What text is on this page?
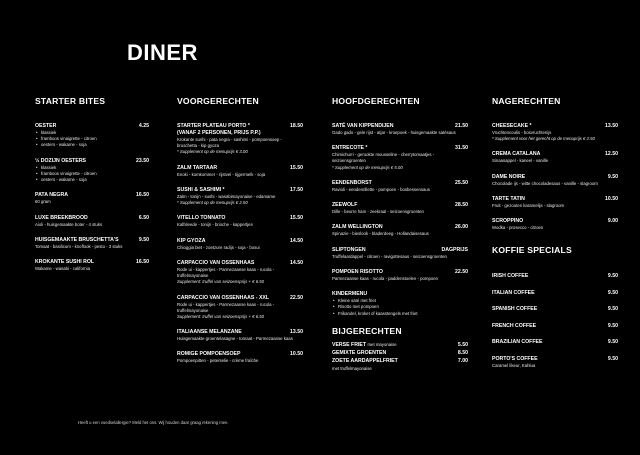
DINER
STARTER BITES
OESTER	4.25
• klassiek
• framboos vinaigrette - citroen
• oesters - wakame - soja
½ DOZIJN OESTERS	23.50
• klassiek
• framboos vinaigrette - citroen
• oesters - wakame - soja
PATA NEGRA	16.50
60 gram
LUXE BREEKBROOD	6.50
Aioli - huisgemaakte boter - 4 stuks
HUISGEMAAKTE BRUSCHETTA'S	9.50
Tomaat - basilicum - knoflook - pesto - 3 stuks
KROKANTE SUSHI ROL	16.50
Wakame - wasabi - california
VOORGERECHTEN
STARTER PLATEAU PORTO *	18.50
(VANAF 2 PERSONEN, PRIJS P.P.)
Krokante sushi - pata negra - sashimi - pompoensoep - bruschetta - kip gyoza
* Supplement op de menuprijs € 3.00
ZALM TARTAAR	15.50
Enoki - komkommer - rijstvel - tijgermelk - soja
SUSHI & SASHIMI *	17.50
Zalm - tonijn - sushi - wasabimayonaise - edamame
* Supplement op de menuprijs € 2.50
VITELLO TONNATO	15.50
Kalfsleede - tonijn - brioche - kappertjes
KIP GYOZA	14.50
Chioggia biet - zoetzure radijs - soja - bosui
CARPACCIO VAN OSSENHAAS	14.50
Rode ui - kappertjes - Parmezaanse kaas - rucola - truffelmayonaise
Supplement: truffel van seizoensprijs + € 6.50
CARPACCIO VAN OSSENHAAS - XXL	22.50
Rode ui - kappertjes - Parmezaanse kaas - rucola - truffelmayonaise
Supplement: truffel van seizoensprijs + € 6.50
ITALIAANSE MELANZANE	13.50
Huisgemaakte groentelasagne - tomaat - Parmezaanse kaas
ROMIGE POMPOENSOEP	10.50
Pompoenpitten - peterselie - crème fraîche
HOOFDGERECHTEN
SATÉ VAN KIPPENDIJEN	21.50
Gado gado - gele rijst - atjar - kroepoek - huisgemaakte satésaus
ENTRECOTE *	31.50
Chimichurri - gerookte mousseline - cherrytomaatjes - seizoensgroenten
* Supplement op de menuprijs € 5.00
EENDENBORST	25.50
Ravioli - eendenrillette - pompoen - bosbessensaus
ZEEWOLF	28.50
Dille - beurre ham - zeekraal - seizoensgroenten
ZALM WELLINGTON	26.00
Spinazie - bieslook - bladerdeeg - Hollandaisesaus
SLIPTONGEN	DAGPRIJS
Truffelaardappel - citroen - ravigottesaus - seizoensgroenten
POMPOEN RISOTTO	22.50
Parmezaanse kaas - rucola - paddenstoelen - pompoen
KINDERMENU
• Kleine saté met friet
• Risotto met pompoen
• Frikandel, kroket of kaasstengels met friet
BIJGERECHTEN
VERSE FRIET met mayonaise	5.50
GEMIXTE GROENTEN	8.50
ZOETE AARDAPPELFRIET	7.00
met truffelmayonaise
NAGERECHTEN
CHEESECAKE *	13.50
Vruchtencoulis - bosvruchtenijs
* Supplement voor het gerecht op de menuprijs € 2.50
CREMA CATALANA	12.50
Sinaasappel - kaneel - vanille
DAME NOIRE	9.50
Chocolade ijs - witte chocoladesaus - vanille - slagroom
TARTE TATIN	10.50
Fruit - gezouten karamelijs - slagroom
SCROPPINO	9.00
Wodka - prosecco - citroen
KOFFIE SPECIALS
IRISH COFFEE	9.50
ITALIAN COFFEE	9.50
SPANISH COFFEE	9.50
FRENCH COFFEE	9.50
BRAZILIAN COFFEE	9.50
PORTO'S COFFEE	9.50
Caramel likeur, Kahlua
Heeft u een voedselallergie? Meld het ons. Wij houden daar graag rekening mee.
